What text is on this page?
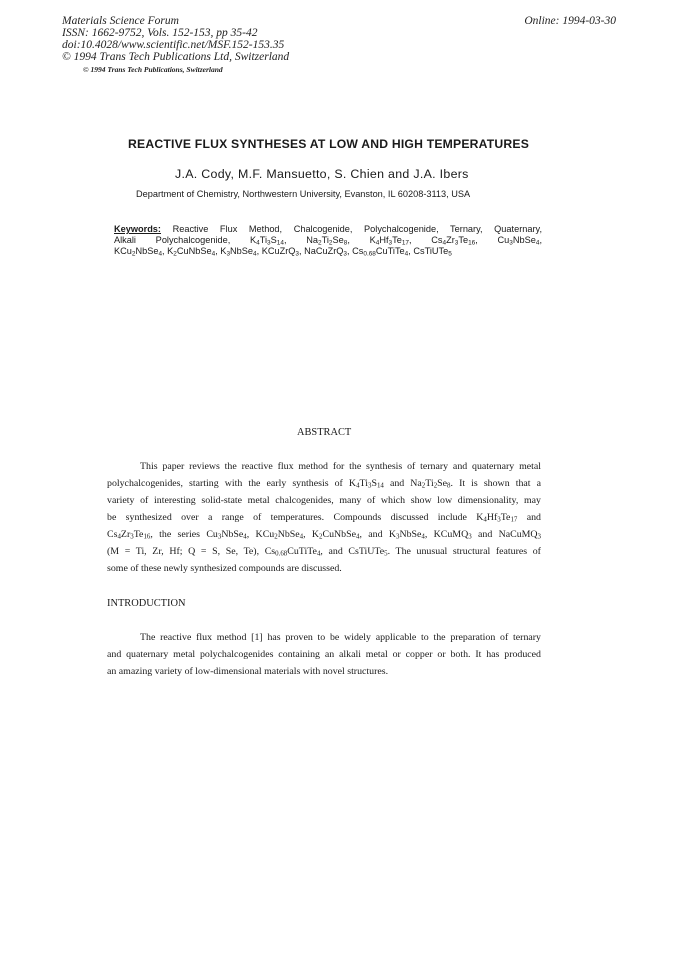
Materials Science Forum	Online: 1994-03-30
ISSN: 1662-9752, Vols. 152-153, pp 35-42
doi:10.4028/www.scientific.net/MSF.152-153.35
© 1994 Trans Tech Publications Ltd, Switzerland
© 1994 Trans Tech Publications, Switzerland
REACTIVE FLUX SYNTHESES AT LOW AND HIGH TEMPERATURES
J.A. Cody, M.F. Mansuetto, S. Chien and J.A. Ibers
Department of Chemistry, Northwestern University, Evanston, IL 60208-3113, USA
Keywords: Reactive Flux Method, Chalcogenide, Polychalcogenide, Ternary, Quaternary,
Alkali Polychalcogenide, $K_4Ti_3S_{14}$, $Na_2Ti_2Se_8$, $K_4Hf_3Te_{17}$, $Cs_4Zr_3Te_{16}$, $Cu_3NbSe_4$,
KCu$_2$NbSe$_4$, $K_2CuNbSe_4$, $K_3NbSe_4$, KCuZrQ$_3$, NaCuZrQ$_3$, $Cs_{0.68}CuTiTe_4$, CsTiUTe$_5$
ABSTRACT
This paper reviews the reactive flux method for the synthesis of ternary and quaternary metal
polychalcogenides, starting with the early synthesis of $K_4Ti_3S_{14}$ and $Na_2Ti_2Se_8$. It is shown that a
variety of interesting solid-state metal chalcogenides, many of which show low dimensionality, may
be synthesized over a range of temperatures. Compounds discussed include $K_4Hf_3Te_{17}$ and
$Cs_4Zr_3Te_{16}$, the series $Cu_3NbSe_4$, KCu$_2$NbSe$_4$, $K_2CuNbSe_4$, and $K_3NbSe_4$, KCuMQ$_3$ and NaCuMQ$_3$
(M = Ti, Zr, Hf; Q = S, Se, Te), $Cs_{0.68}CuTiTe_4$, and CsTiUTe$_5$. The unusual structural features of
some of these newly synthesized compounds are discussed.
INTRODUCTION
The reactive flux method [1] has proven to be widely applicable to the preparation of ternary
and quaternary metal polychalcogenides containing an alkali metal or copper or both. It has produced
an amazing variety of low-dimensional materials with novel structures.
